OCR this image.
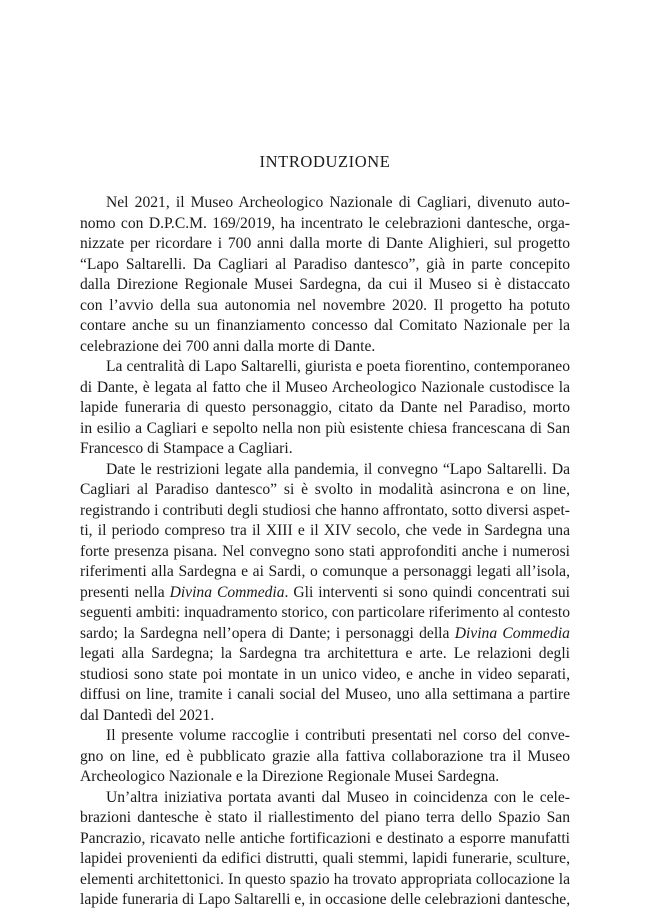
INTRODUZIONE
Nel 2021, il Museo Archeologico Nazionale di Cagliari, divenuto auto-
nomo con D.P.C.M. 169/2019, ha incentrato le celebrazioni dantesche, orga-
nizzate per ricordare i 700 anni dalla morte di Dante Alighieri, sul progetto
“Lapo Saltarelli. Da Cagliari al Paradiso dantesco”, già in parte concepito
dalla Direzione Regionale Musei Sardegna, da cui il Museo si è distaccato
con l’avvio della sua autonomia nel novembre 2020. Il progetto ha potuto
contare anche su un finanziamento concesso dal Comitato Nazionale per la
celebrazione dei 700 anni dalla morte di Dante.
La centralità di Lapo Saltarelli, giurista e poeta fiorentino, contemporaneo
di Dante, è legata al fatto che il Museo Archeologico Nazionale custodisce la
lapide funeraria di questo personaggio, citato da Dante nel Paradiso, morto
in esilio a Cagliari e sepolto nella non più esistente chiesa francescana di San
Francesco di Stampace a Cagliari.
Date le restrizioni legate alla pandemia, il convegno “Lapo Saltarelli. Da
Cagliari al Paradiso dantesco” si è svolto in modalità asincrona e on line,
registrando i contributi degli studiosi che hanno affrontato, sotto diversi aspet-
ti, il periodo compreso tra il XIII e il XIV secolo, che vede in Sardegna una
forte presenza pisana. Nel convegno sono stati approfonditi anche i numerosi
riferimenti alla Sardegna e ai Sardi, o comunque a personaggi legati all’isola,
presenti nella Divina Commedia. Gli interventi si sono quindi concentrati sui
seguenti ambiti: inquadramento storico, con particolare riferimento al contesto
sardo; la Sardegna nell’opera di Dante; i personaggi della Divina Commedia
legati alla Sardegna; la Sardegna tra architettura e arte. Le relazioni degli
studiosi sono state poi montate in un unico video, e anche in video separati,
diffusi on line, tramite i canali social del Museo, uno alla settimana a partire
dal Dantedì del 2021.
Il presente volume raccoglie i contributi presentati nel corso del conve-
gno on line, ed è pubblicato grazie alla fattiva collaborazione tra il Museo
Archeologico Nazionale e la Direzione Regionale Musei Sardegna.
Un’altra iniziativa portata avanti dal Museo in coincidenza con le cele-
brazioni dantesche è stato il riallestimento del piano terra dello Spazio San
Pancrazio, ricavato nelle antiche fortificazioni e destinato a esporre manufatti
lapidei provenienti da edifici distrutti, quali stemmi, lapidi funerarie, sculture,
elementi architettonici. In questo spazio ha trovato appropriata collocazione la
lapide funeraria di Lapo Saltarelli e, in occasione delle celebrazioni dantesche,
